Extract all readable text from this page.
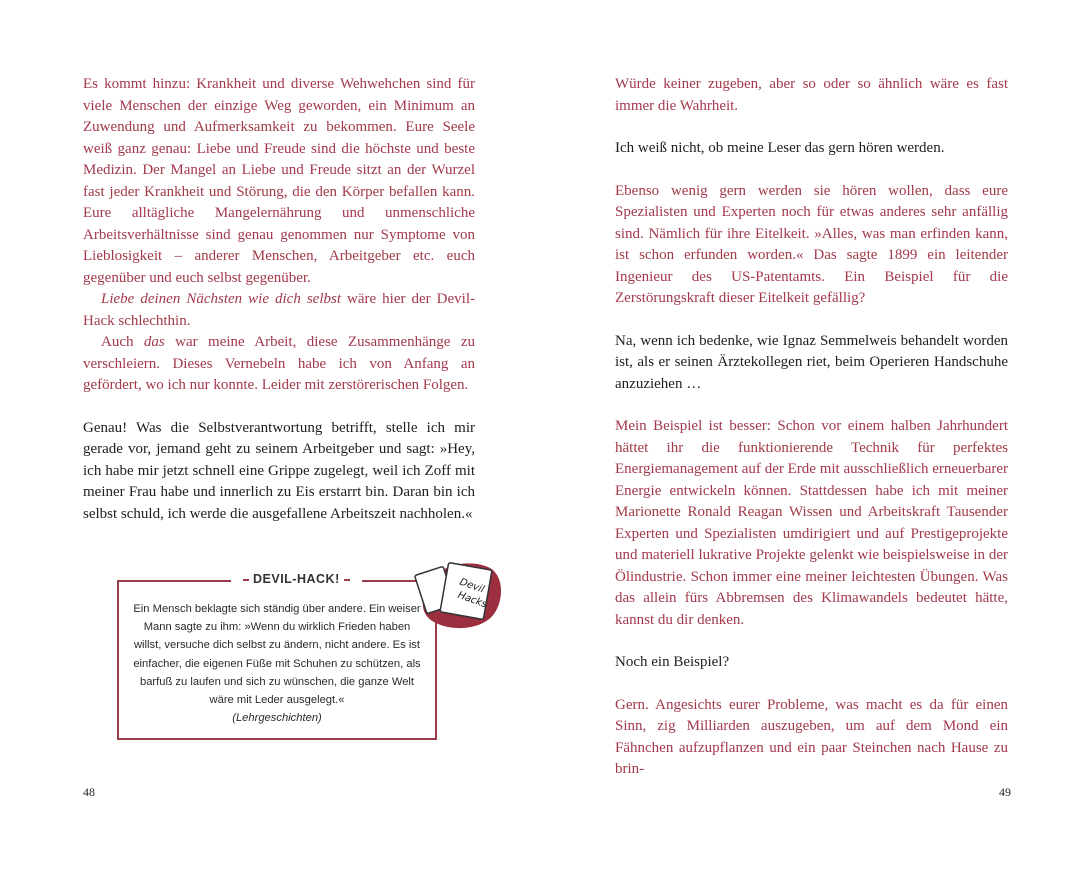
Es kommt hinzu: Krankheit und diverse Wehwehchen sind für viele Menschen der einzige Weg geworden, ein Minimum an Zuwendung und Aufmerksamkeit zu bekommen. Eure Seele weiß ganz genau: Liebe und Freude sind die höchste und beste Medizin. Der Mangel an Liebe und Freude sitzt an der Wurzel fast jeder Krankheit und Störung, die den Körper befallen kann. Eure alltägliche Mangelernährung und unmenschliche Arbeitsverhältnisse sind genau genommen nur Symptome von Lieblosigkeit – anderer Menschen, Arbeitgeber etc. euch gegenüber und euch selbst gegenüber.

Liebe deinen Nächsten wie dich selbst wäre hier der Devil-Hack schlechthin.

Auch das war meine Arbeit, diese Zusammenhänge zu verschleiern. Dieses Vernebeln habe ich von Anfang an gefördert, wo ich nur konnte. Leider mit zerstörerischen Folgen.

Genau! Was die Selbstverantwortung betrifft, stelle ich mir gerade vor, jemand geht zu seinem Arbeitgeber und sagt: »Hey, ich habe mir jetzt schnell eine Grippe zugelegt, weil ich Zoff mit meiner Frau habe und innerlich zu Eis erstarrt bin. Daran bin ich selbst schuld, ich werde die ausgefallene Arbeitszeit nachholen.«

DEVIL-HACK!
Ein Mensch beklagte sich ständig über andere. Ein weiser Mann sagte zu ihm: »Wenn du wirklich Frieden haben willst, versuche dich selbst zu ändern, nicht andere. Es ist einfacher, die eigenen Füße mit Schuhen zu schützen, als barfuß zu laufen und sich zu wünschen, die ganze Welt wäre mit Leder ausgelegt.«
(Lehrgeschichten)
Devil
Hacks
48

Würde keiner zugeben, aber so oder so ähnlich wäre es fast immer die Wahrheit.

Ich weiß nicht, ob meine Leser das gern hören werden.

Ebenso wenig gern werden sie hören wollen, dass eure Spezialisten und Experten noch für etwas anderes sehr anfällig sind. Nämlich für ihre Eitelkeit. »Alles, was man erfinden kann, ist schon erfunden worden.« Das sagte 1899 ein leitender Ingenieur des US-Patentamts. Ein Beispiel für die Zerstörungskraft dieser Eitelkeit gefällig?

Na, wenn ich bedenke, wie Ignaz Semmelweis behandelt worden ist, als er seinen Ärztekollegen riet, beim Operieren Handschuhe anzuziehen …

Mein Beispiel ist besser: Schon vor einem halben Jahrhundert hättet ihr die funktionierende Technik für perfektes Energiemanagement auf der Erde mit ausschließlich erneuerbarer Energie entwickeln können. Stattdessen habe ich mit meiner Marionette Ronald Reagan Wissen und Arbeitskraft Tausender Experten und Spezialisten umdirigiert und auf Prestigeprojekte und materiell lukrative Projekte gelenkt wie beispielsweise in der Ölindustrie. Schon immer eine meiner leichtesten Übungen. Was das allein fürs Abbremsen des Klimawandels bedeutet hätte, kannst du dir denken.

Noch ein Beispiel?

Gern. Angesichts eurer Probleme, was macht es da für einen Sinn, zig Milliarden auszugeben, um auf dem Mond ein Fähnchen aufzupflanzen und ein paar Steinchen nach Hause zu brin-

49
